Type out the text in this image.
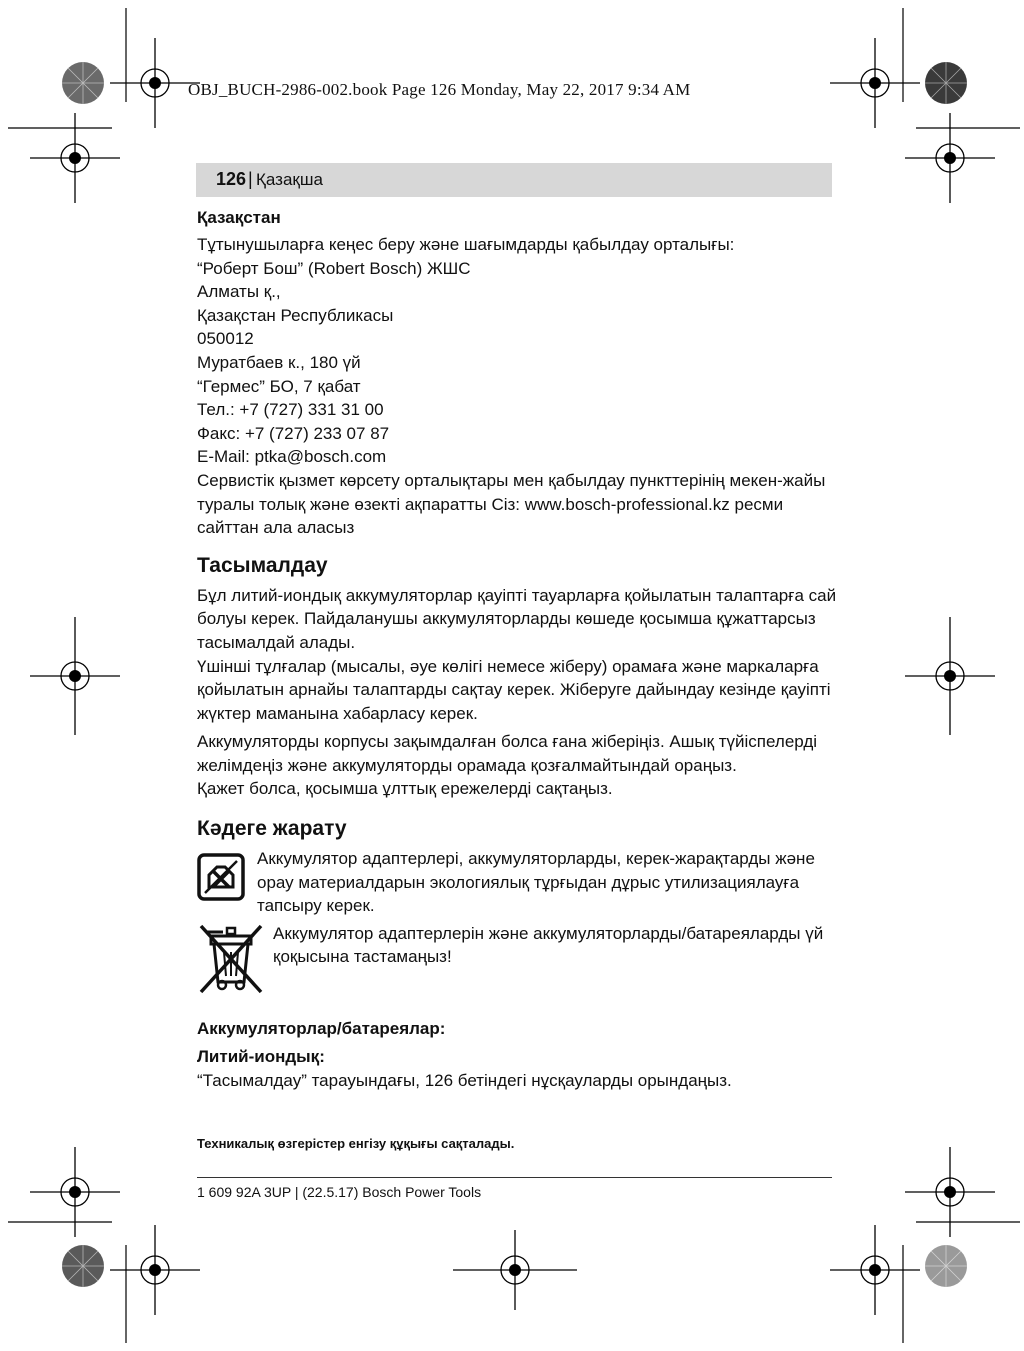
OBJ_BUCH-2986-002.book Page 126 Monday, May 22, 2017 9:34 AM
126 | Қазақша
Қазақстан
Тұтынушыларға кеңес беру және шағымдарды қабылдау орталығы:
“Роберт Бош” (Robert Bosch) ЖШС
Алматы қ.,
Қазақстан Республикасы
050012
Муратбаев к., 180 үй
“Гермес” БО, 7 қабат
Тел.: +7 (727) 331 31 00
Факс: +7 (727) 233 07 87
E-Mail: ptka@bosch.com
Сервистік қызмет көрсету орталықтары мен қабылдау пункттерінің мекен-жайы
туралы толық және өзекті ақпаратты Сіз: www.bosch-professional.kz ресми
сайттан ала аласыз
Тасымалдау
Бұл литий-иондық аккумуляторлар қауіпті тауарларға қойылатын талаптарға сай
болуы керек. Пайдаланушы аккумуляторларды көшеде қосымша құжаттарсыз
тасымалдай алады.
Үшінші тұлғалар (мысалы, әуе көлігі немесе жіберу) орамаға және маркаларға
қойылатын арнайы талаптарды сақтау керек. Жіберуге дайындау кезінде қауіпті
жүктер маманына хабарласу керек.
Аккумуляторды корпусы зақымдалған болса ғана жіберіңіз. Ашық түйіспелерді
желімдеңіз және аккумуляторды орамада қозғалмайтындай ораңыз.
Қажет болса, қосымша ұлттық ережелерді сақтаңыз.
Кәдеге жарату
Аккумулятор адаптерлері, аккумуляторларды, керек-жарақтарды және
орау материалдарын экологиялық тұрғыдан дұрыс утилизациялауға
тапсыру керек.
Аккумулятор адаптерлерін және аккумуляторларды/батареяларды үй
қоқысына тастамаңыз!
Аккумуляторлар/батареялар:
Литий-иондық:
“Тасымалдау” тарауындағы, 126 бетіндегі нұсқауларды орындаңыз.
Техникалық өзгерістер енгізу құқығы сақталады.
1 609 92A 3UP | (22.5.17) Bosch Power Tools
